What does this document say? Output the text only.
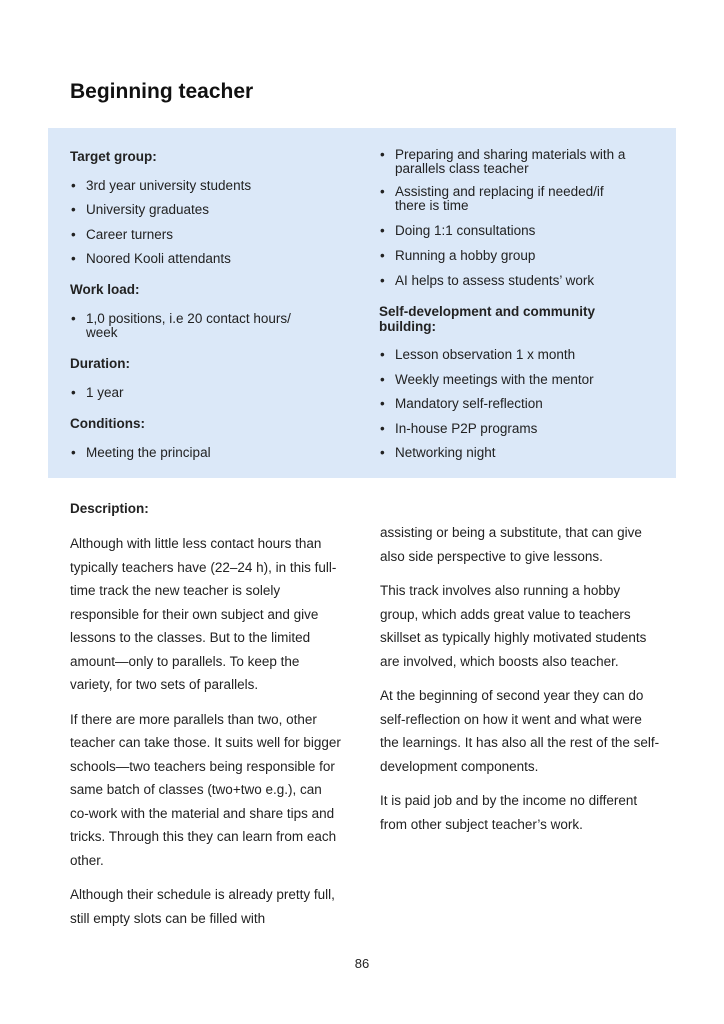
Beginning teacher
Target group:
• 3rd year university students
• University graduates
• Career turners
• Noored Kooli attendants
Work load:
• 1,0 positions, i.e 20 contact hours/ week
Duration:
• 1 year
Conditions:
• Meeting the principal
• Preparing and sharing materials with a parallels class teacher
• Assisting and replacing if needed/if there is time
• Doing 1:1 consultations
• Running a hobby group
• AI helps to assess students’ work
Self-development and community building:
• Lesson observation 1 x month
• Weekly meetings with the mentor
• Mandatory self-reflection
• In-house P2P programs
• Networking night
Description:

Although with little less contact hours than typically teachers have (22–24 h), in this full-time track the new teacher is solely responsible for their own subject and give lessons to the classes. But to the limited amount—only to parallels. To keep the variety, for two sets of parallels.

If there are more parallels than two, other teacher can take those. It suits well for bigger schools—two teachers being responsible for same batch of classes (two+two e.g.), can co-work with the material and share tips and tricks. Through this they can learn from each other.

Although their schedule is already pretty full, still empty slots can be filled with

assisting or being a substitute, that can give also side perspective to give lessons.

This track involves also running a hobby group, which adds great value to teachers skillset as typically highly motivated students are involved, which boosts also teacher.

At the beginning of second year they can do self-reflection on how it went and what were the learnings. It has also all the rest of the self-development components.

It is paid job and by the income no different from other subject teacher’s work.

86
